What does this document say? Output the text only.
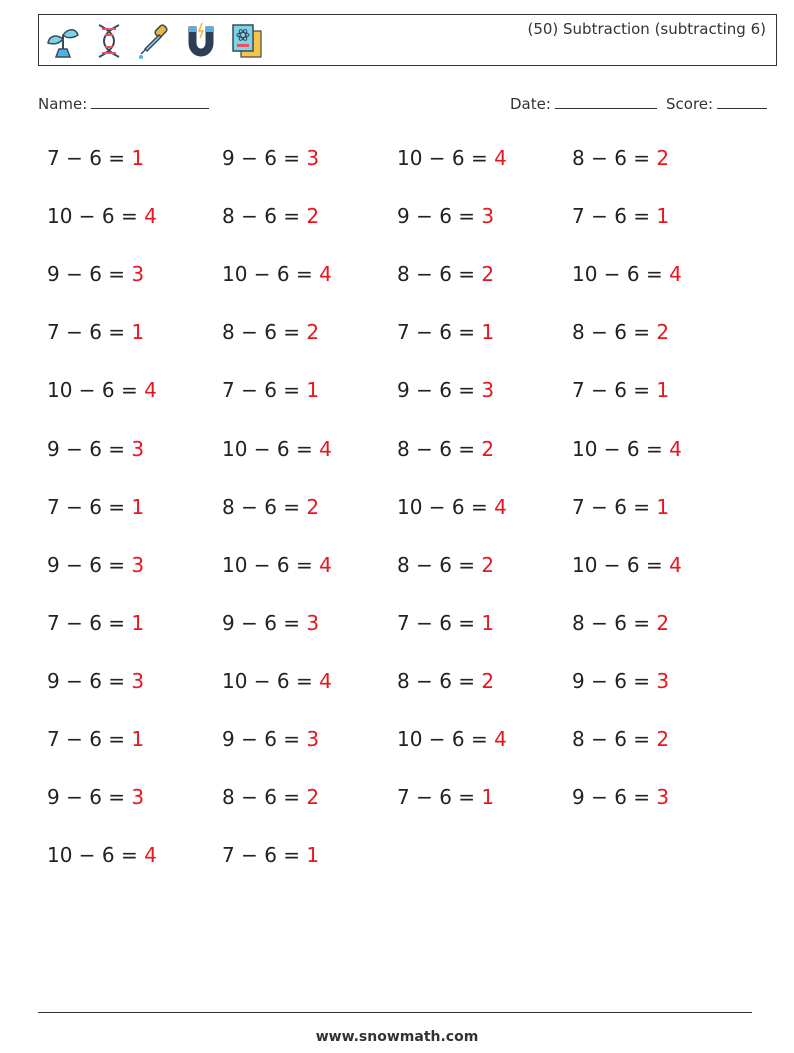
(50) Subtraction (subtracting 6)
Name:	Date:	Score:
7 − 6 = 1	9 − 6 = 3	10 − 6 = 4	8 − 6 = 2
10 − 6 = 4	8 − 6 = 2	9 − 6 = 3	7 − 6 = 1
9 − 6 = 3	10 − 6 = 4	8 − 6 = 2	10 − 6 = 4
7 − 6 = 1	8 − 6 = 2	7 − 6 = 1	8 − 6 = 2
10 − 6 = 4	7 − 6 = 1	9 − 6 = 3	7 − 6 = 1
9 − 6 = 3	10 − 6 = 4	8 − 6 = 2	10 − 6 = 4
7 − 6 = 1	8 − 6 = 2	10 − 6 = 4	7 − 6 = 1
9 − 6 = 3	10 − 6 = 4	8 − 6 = 2	10 − 6 = 4
7 − 6 = 1	9 − 6 = 3	7 − 6 = 1	8 − 6 = 2
9 − 6 = 3	10 − 6 = 4	8 − 6 = 2	9 − 6 = 3
7 − 6 = 1	9 − 6 = 3	10 − 6 = 4	8 − 6 = 2
9 − 6 = 3	8 − 6 = 2	7 − 6 = 1	9 − 6 = 3
10 − 6 = 4	7 − 6 = 1
www.snowmath.com
